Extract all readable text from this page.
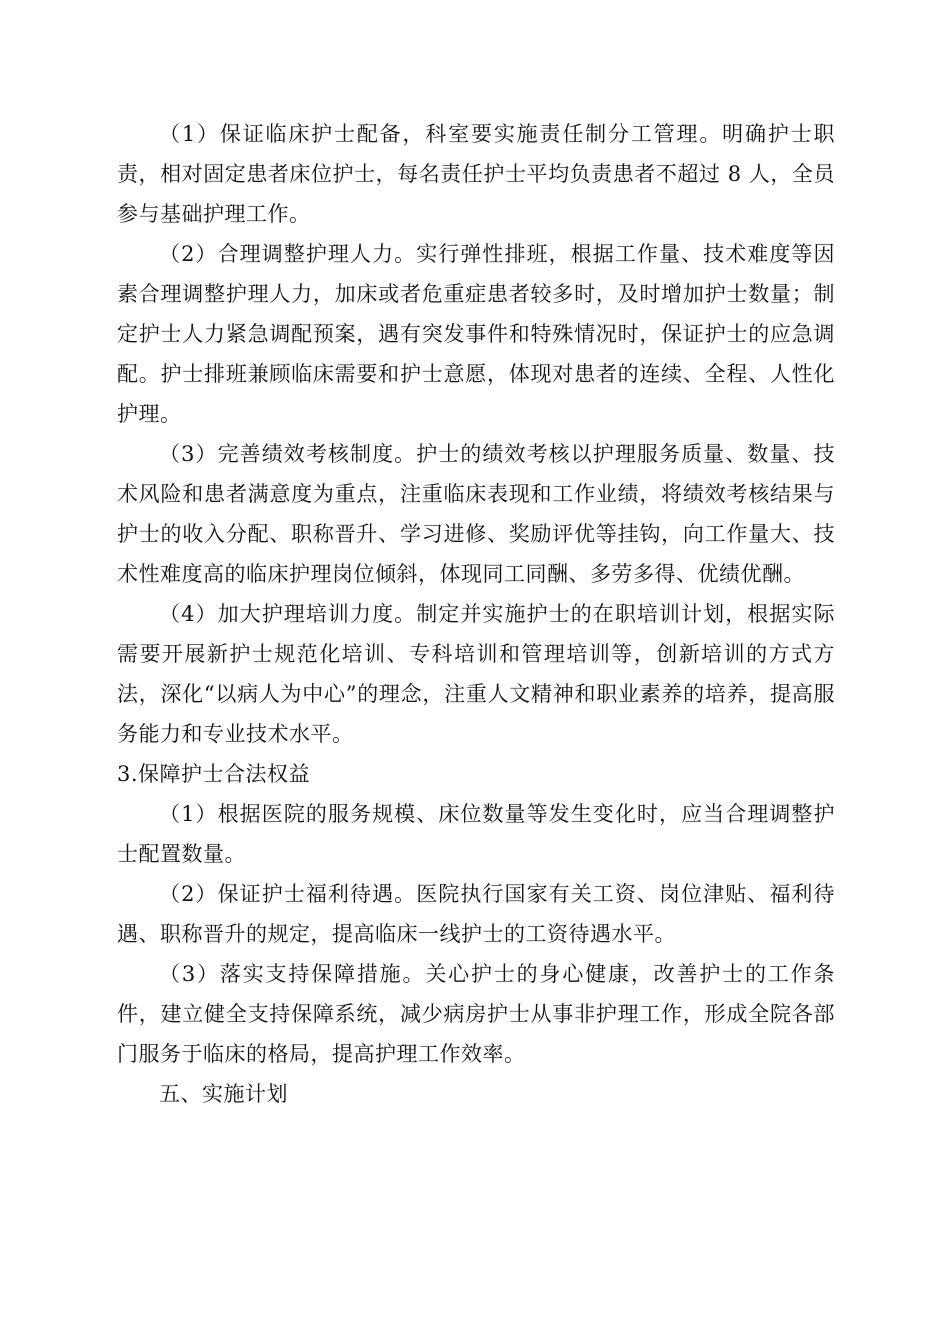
（1）保证临床护士配备，科室要实施责任制分工管理。明确护士职责，相对固定患者床位护士，每名责任护士平均负责患者不超过 8 人，全员参与基础护理工作。

（2）合理调整护理人力。实行弹性排班，根据工作量、技术难度等因素合理调整护理人力，加床或者危重症患者较多时，及时增加护士数量；制定护士人力紧急调配预案，遇有突发事件和特殊情况时，保证护士的应急调配。护士排班兼顾临床需要和护士意愿，体现对患者的连续、全程、人性化护理。

（3）完善绩效考核制度。护士的绩效考核以护理服务质量、数量、技术风险和患者满意度为重点，注重临床表现和工作业绩，将绩效考核结果与护士的收入分配、职称晋升、学习进修、奖励评优等挂钩，向工作量大、技术性难度高的临床护理岗位倾斜，体现同工同酬、多劳多得、优绩优酬。

（4）加大护理培训力度。制定并实施护士的在职培训计划，根据实际需要开展新护士规范化培训、专科培训和管理培训等，创新培训的方式方法，深化“以病人为中心”的理念，注重人文精神和职业素养的培养，提高服务能力和专业技术水平。

3.保障护士合法权益

（1）根据医院的服务规模、床位数量等发生变化时，应当合理调整护士配置数量。

（2）保证护士福利待遇。医院执行国家有关工资、岗位津贴、福利待遇、职称晋升的规定，提高临床一线护士的工资待遇水平。

（3）落实支持保障措施。关心护士的身心健康，改善护士的工作条件，建立健全支持保障系统，减少病房护士从事非护理工作，形成全院各部门服务于临床的格局，提高护理工作效率。

五、实施计划
